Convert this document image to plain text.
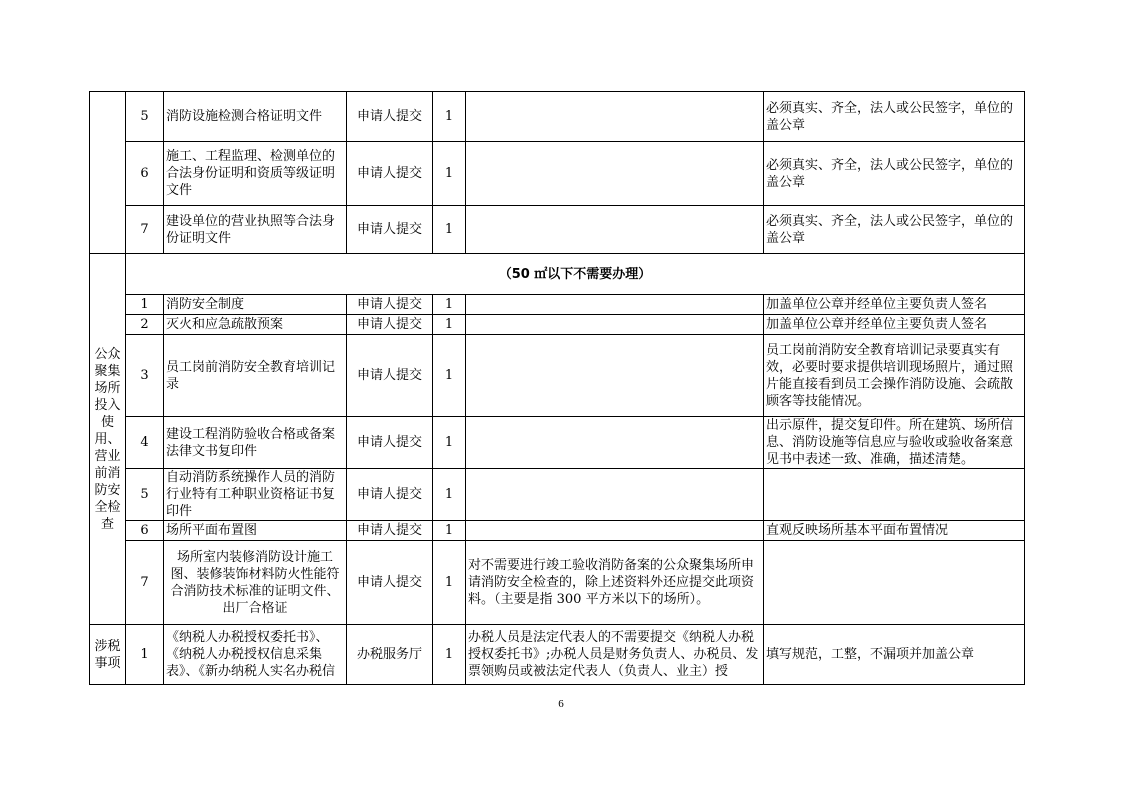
	5	消防设施检测合格证明文件	申请人提交	1		必须真实、齐全，法人或公民签字，单位的盖公章
	6	施工、工程监理、检测单位的合法身份证明和资质等级证明文件	申请人提交	1		必须真实、齐全，法人或公民签字，单位的盖公章
	7	建设单位的营业执照等合法身份证明文件	申请人提交	1		必须真实、齐全，法人或公民签字，单位的盖公章
公众聚集场所投入使用、营业前消防安全检查	（50 ㎡以下不需要办理）					
	1	消防安全制度	申请人提交	1		加盖单位公章并经单位主要负责人签名
	2	灭火和应急疏散预案	申请人提交	1		加盖单位公章并经单位主要负责人签名
	3	员工岗前消防安全教育培训记录	申请人提交	1		员工岗前消防安全教育培训记录要真实有效，必要时要求提供培训现场照片，通过照片能直接看到员工会操作消防设施、会疏散顾客等技能情况。
	4	建设工程消防验收合格或备案法律文书复印件	申请人提交	1		出示原件，提交复印件。所在建筑、场所信息、消防设施等信息应与验收或验收备案意见书中表述一致、准确，描述清楚。
	5	自动消防系统操作人员的消防行业特有工种职业资格证书复印件	申请人提交	1		
	6	场所平面布置图	申请人提交	1		直观反映场所基本平面布置情况
	7	场所室内装修消防设计施工图、装修装饰材料防火性能符合消防技术标准的证明文件、出厂合格证	申请人提交	1	对不需要进行竣工验收消防备案的公众聚集场所申请消防安全检查的，除上述资料外还应提交此项资料。（主要是指 300 平方米以下的场所）。	
涉税事项	1	《纳税人办税授权委托书》、《纳税人办税授权信息采集表》、《新办纳税人实名办税信	办税服务厅	1	办税人员是法定代表人的不需要提交《纳税人办税授权委托书》;办税人员是财务负责人、办税员、发票领购员或被法定代表人（负责人、业主）授	填写规范，工整，不漏项并加盖公章
6
